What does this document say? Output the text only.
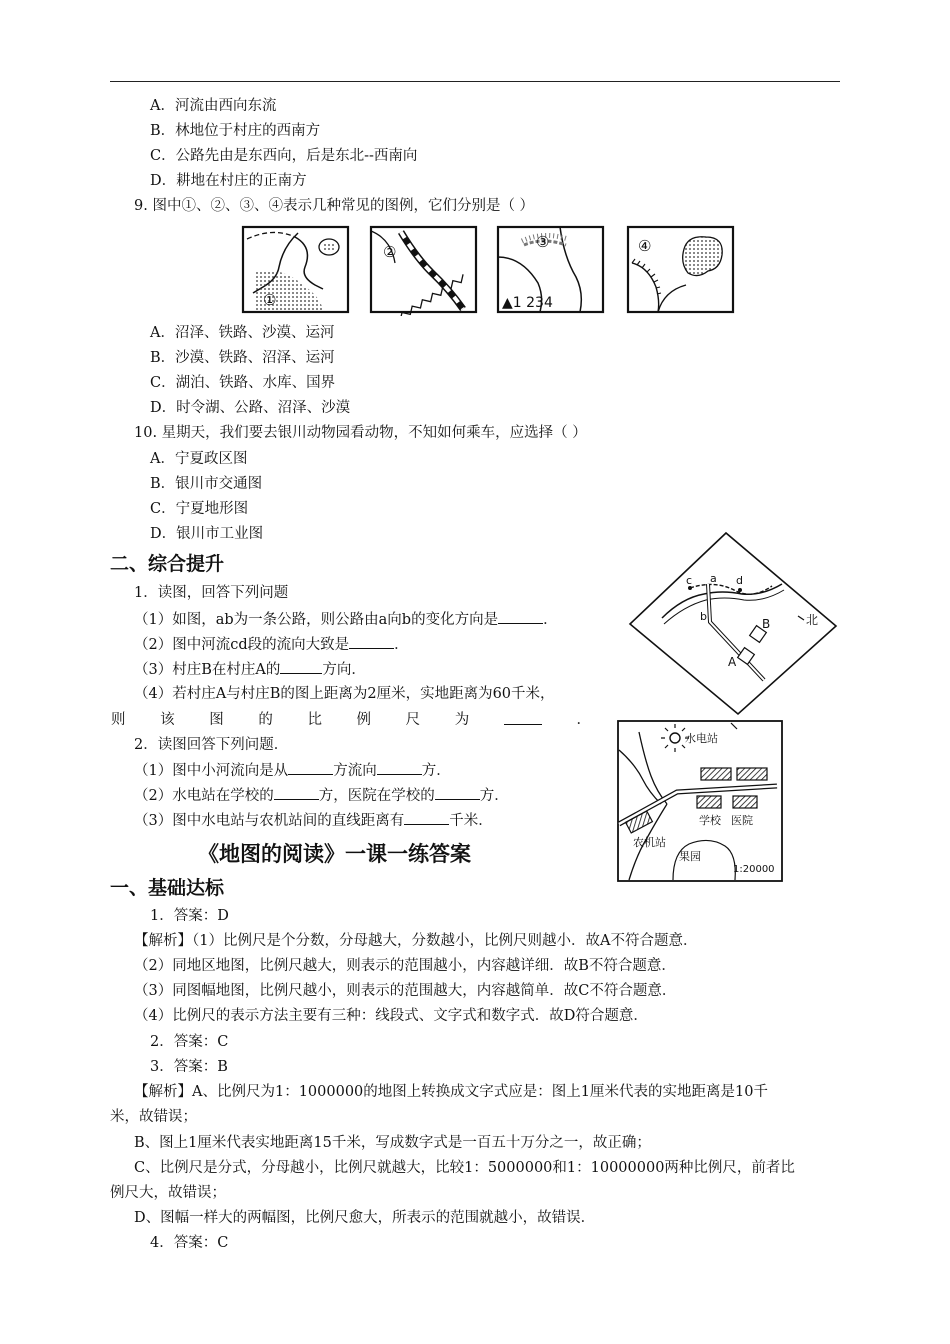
A．河流由西向东流
B．林地位于村庄的西南方
C．公路先由是东西向，后是东北--西南向
D．耕地在村庄的正南方
9. 图中①、②、③、④表示几种常见的图例，它们分别是（ ）
①
②
③
▲1 234
④
A．沼泽、铁路、沙漠、运河
B．沙漠、铁路、沼泽、运河
C．湖泊、铁路、水库、国界
D．时令湖、公路、沼泽、沙漠
10. 星期天，我们要去银川动物园看动物，不知如何乘车，应选择（ ）
A．宁夏政区图
B．银川市交通图
C．宁夏地形图
D．银川市工业图
二、综合提升
1．读图，回答下列问题
（1）如图，ab为一条公路，则公路由a向b的变化方向是	．
（2）图中河流cd段的流向大致是	．
（3）村庄B在村庄A的	方向．
（4）若村庄A与村庄B的图上距离为2厘米，实地距离为60千米，
则 该 图 的 比 例 尺 为	．
c	d
a
b
A
B	北
2．读图回答下列问题．
（1）图中小河流向是从	方流向	方．
（2）水电站在学校的	方，医院在学校的	方．
（3）图中水电站与农机站间的直线距离有	千米．
水电站
学校 医院
农机站
果园
1:20000
《地图的阅读》一课一练答案
一、基础达标
1．答案：D
【解析】（1）比例尺是个分数，分母越大，分数越小，比例尺则越小．故A不符合题意．
（2）同地区地图，比例尺越大，则表示的范围越小，内容越详细．故B不符合题意．
（3）同图幅地图，比例尺越小，则表示的范围越大，内容越简单．故C不符合题意．
（4）比例尺的表示方法主要有三种：线段式、文字式和数字式．故D符合题意．
2．答案：C
3．答案：B
【解析】A、比例尺为1：1000000的地图上转换成文字式应是：图上1厘米代表的实地距离是10千
米，故错误；
B、图上1厘米代表实地距离15千米，写成数字式是一百五十万分之一，故正确；
C、比例尺是分式，分母越小，比例尺就越大，比较1：5000000和1：10000000两种比例尺，前者比
例尺大，故错误；
D、图幅一样大的两幅图，比例尺愈大，所表示的范围就越小，故错误．
4．答案：C
